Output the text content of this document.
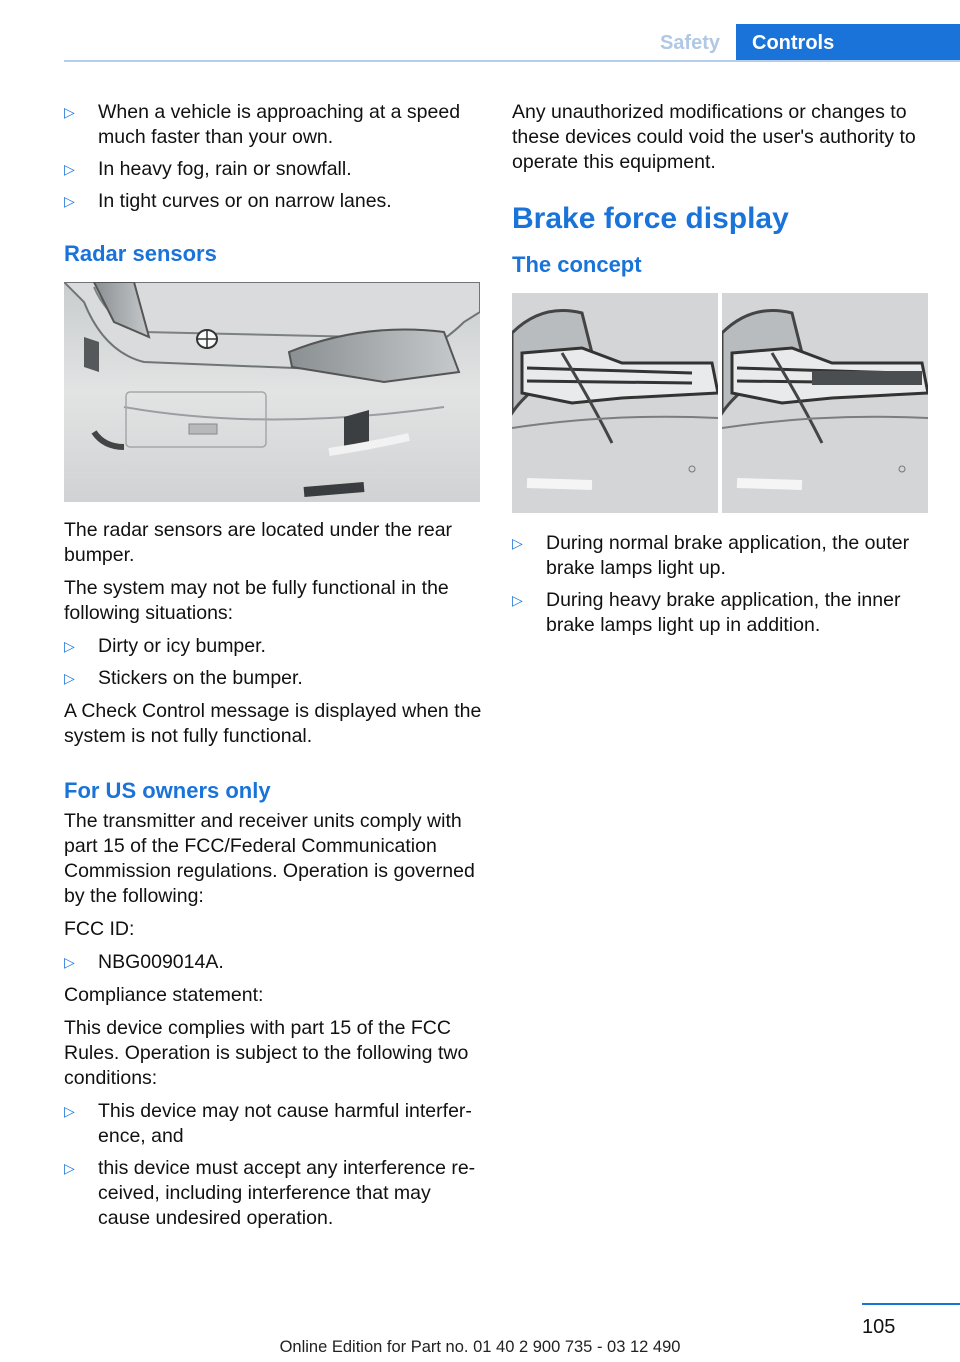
Safety	Controls
▷	When a vehicle is approaching at a speed much faster than your own.
▷	In heavy fog, rain or snowfall.
▷	In tight curves or on narrow lanes.
Radar sensors

The radar sensors are located under the rear bumper.

The system may not be fully functional in the following situations:

▷	Dirty or icy bumper.
▷	Stickers on the bumper.

A Check Control message is displayed when the system is not fully functional.

For US owners only

The transmitter and receiver units comply with part 15 of the FCC/Federal Communication Commission regulations. Operation is governed by the following:

FCC ID:

▷	NBG009014A.

Compliance statement:

This device complies with part 15 of the FCC Rules. Operation is subject to the following two conditions:

▷	This device may not cause harmful interfer‐ence, and
▷	this device must accept any interference re‐ceived, including interference that may cause undesired operation.

Any unauthorized modifications or changes to these devices could void the user's authority to operate this equipment.

Brake force display
The concept
▷	During normal brake application, the outer brake lamps light up.
▷	During heavy brake application, the inner brake lamps light up in addition.
105
Online Edition for Part no. 01 40 2 900 735 - 03 12 490
